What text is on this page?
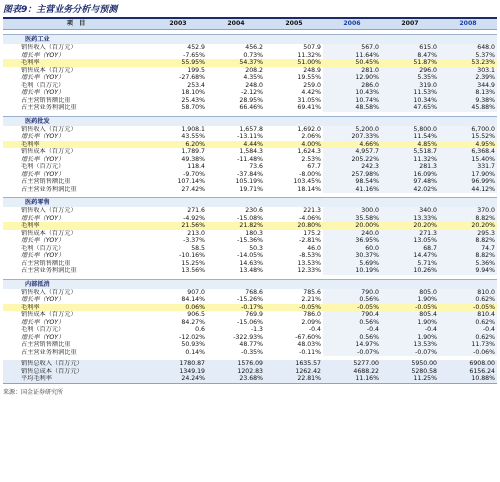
图表9：主营业务分析与预测
项　目	2003	2004	2005	2006	2007	2008

医药工业						
销售收入（百万元）	452.9	456.2	507.9	567.0	615.0	648.0
增长率（YOY）	-7.65%	0.73%	11.32%	11.64%	8.47%	5.37%
毛利率	55.95%	54.37%	51.00%	50.45%	51.87%	53.23%
销售成本（百万元）	199.5	208.2	248.9	281.0	296.0	303.1
增长率（YOY）	-27.68%	4.35%	19.55%	12.90%	5.35%	2.39%
毛利（百万元）	253.4	248.0	259.0	286.0	319.0	344.9
增长率（YOY）	18.10%	-2.12%	4.42%	10.43%	11.53%	8.13%
占主营销售额比重	25.43%	28.95%	31.05%	10.74%	10.34%	9.38%
占主营业务利润比重	58.70%	66.46%	69.41%	48.58%	47.65%	45.88%

医药批发						
销售收入（百万元）	1,908.1	1,657.8	1,692.0	5,200.0	5,800.0	6,700.0
增长率（YOY）	43.55%	-13.11%	2.06%	207.33%	11.54%	15.52%
毛利率	6.20%	4.44%	4.00%	4.66%	4.85%	4.95%
销售成本（百万元）	1,789.7	1,584.3	1,624.3	4,957.7	5,518.7	6,368.4
增长率（YOY）	49.38%	-11.48%	2.53%	205.22%	11.32%	15.40%
毛利（百万元）	118.4	73.6	67.7	242.3	281.3	331.7
增长率（YOY）	-9.70%	-37.84%	-8.00%	257.98%	16.09%	17.90%
占主营销售额比重	107.14%	105.19%	103.45%	98.54%	97.48%	96.99%
占主营业务利润比重	27.42%	19.71%	18.14%	41.16%	42.02%	44.12%

医药零售						
销售收入（百万元）	271.6	230.6	221.3	300.0	340.0	370.0
增长率（YOY）	-4.92%	-15.08%	-4.06%	35.58%	13.33%	8.82%
毛利率	21.56%	21.82%	20.80%	20.00%	20.20%	20.20%
销售成本（百万元）	213.0	180.3	175.2	240.0	271.3	295.3
增长率（YOY）	-3.37%	-15.36%	-2.81%	36.95%	13.05%	8.82%
毛利（百万元）	58.5	50.3	46.0	60.0	68.7	74.7
增长率（YOY）	-10.16%	-14.05%	-8.53%	30.37%	14.47%	8.82%
占主营销售额比重	15.25%	14.63%	13.53%	5.69%	5.71%	5.36%
占主营业务利润比重	13.56%	13.48%	12.33%	10.19%	10.26%	9.94%

内部抵消						
销售收入（百万元）	907.0	768.6	785.6	790.0	805.0	810.0
增长率（YOY）	84.14%	-15.26%	2.21%	0.56%	1.90%	0.62%
毛利率	0.06%	-0.17%	-0.05%	-0.05%	-0.05%	-0.05%
销售成本（百万元）	906.5	769.9	786.0	790.4	805.4	810.4
增长率（YOY）	84.27%	-15.06%	2.09%	0.56%	1.90%	0.62%
毛利（百万元）	0.6	-1.3	-0.4	-0.4	-0.4	-0.4
增长率（YOY）	-12.02%	-322.93%	-67.60%	0.56%	1.90%	0.62%
占主营销售额比重	50.93%	48.77%	48.03%	14.97%	13.53%	11.73%
占主营业务利润比重	0.14%	-0.35%	-0.11%	-0.07%	-0.07%	-0.06%

销售总收入（百万元）	1780.87	1576.09	1635.57	5277.00	5950.00	6908.00
销售总成本（百万元）	1349.19	1202.83	1262.42	4688.22	5280.58	6156.24
平均毛利率	24.24%	23.68%	22.81%	11.16%	11.25%	10.88%
来源：国金证券研究所
